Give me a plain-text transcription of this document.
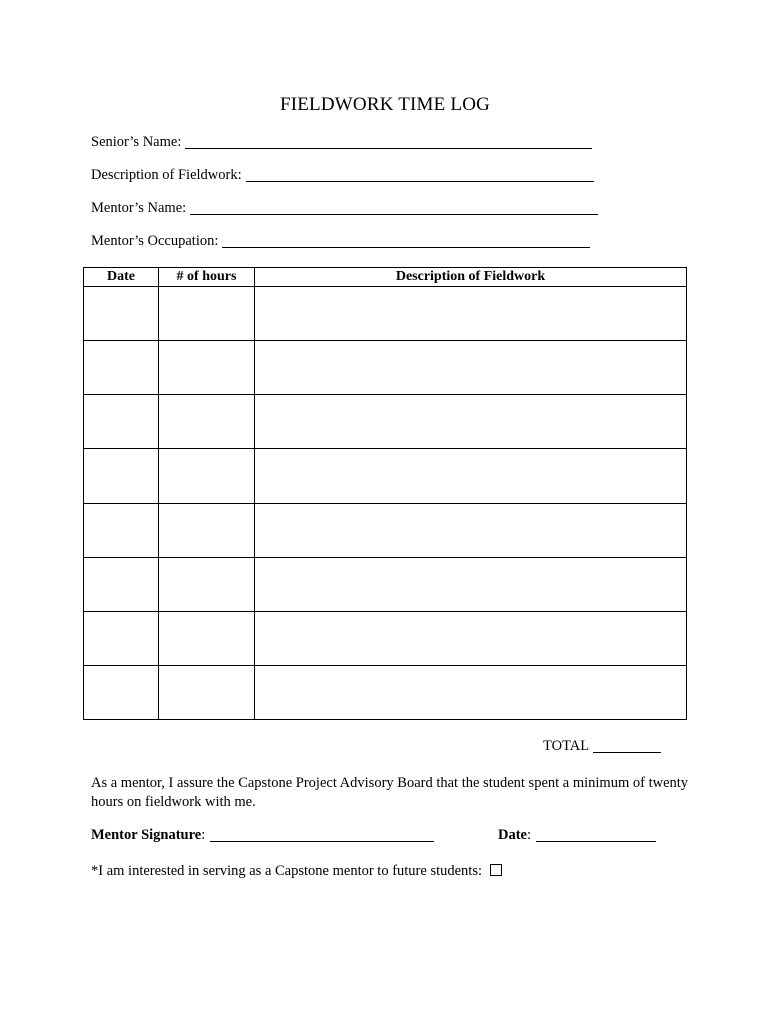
FIELDWORK TIME LOG
Senior’s Name:
Description of Fieldwork:
Mentor’s Name:
Mentor’s Occupation:
Date	# of hours	Description of Fieldwork

TOTAL
As a mentor, I assure the Capstone Project Advisory Board that the student spent a minimum of twenty hours on fieldwork with me.
Mentor Signature :	Date :
*I am interested in serving as a Capstone mentor to future students:
